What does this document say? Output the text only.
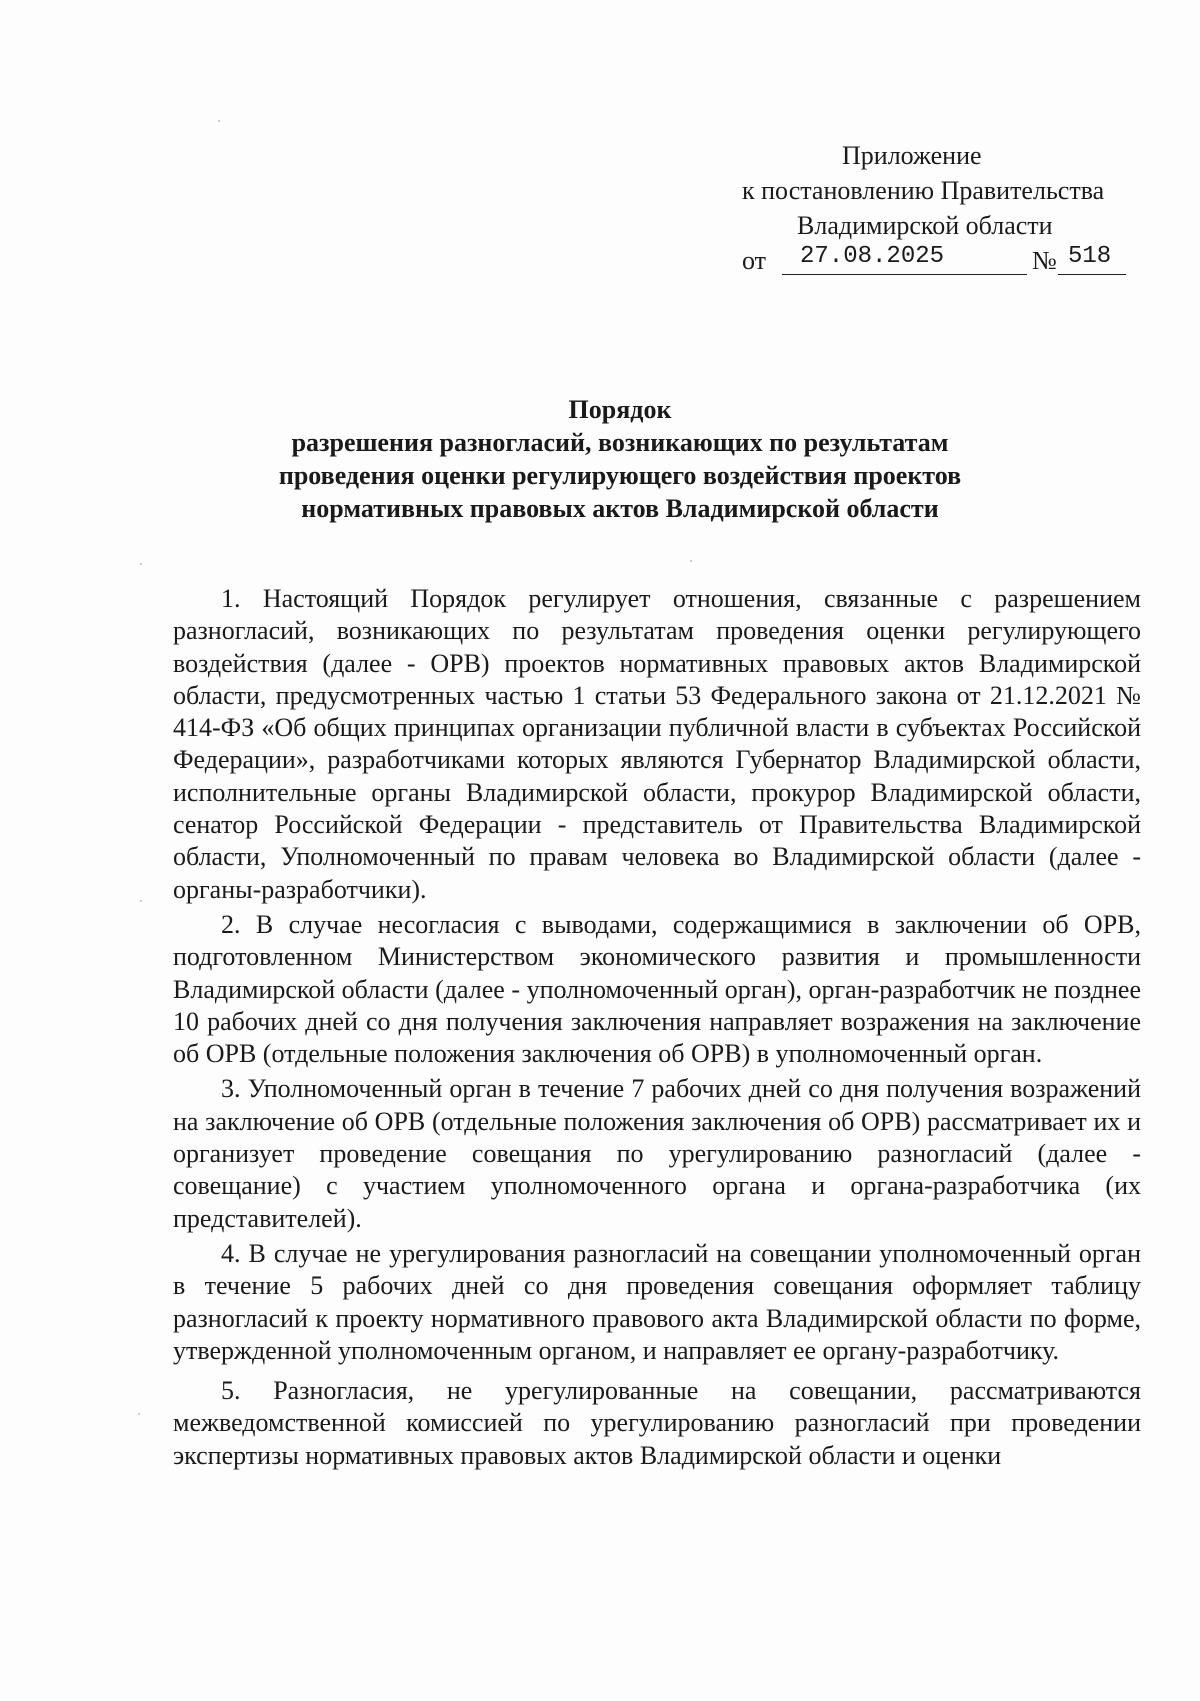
Приложение
к постановлению Правительства
Владимирской области
от	27.08.2025	№ 518
Порядок
разрешения разногласий, возникающих по результатам
проведения оценки регулирующего воздействия проектов
нормативных правовых актов Владимирской области

1. Настоящий Порядок регулирует отношения, связанные с разрешением разногласий, возникающих по результатам проведения оценки регулирующего воздействия (далее - ОРВ) проектов нормативных правовых актов Владимирской области, предусмотренных частью 1 статьи 53 Федерального закона от 21.12.2021 № 414-ФЗ «Об общих принципах организации публичной власти в субъектах Российской Федерации», разработчиками которых являются Губернатор Владимирской области, исполнительные органы Владимирской области, прокурор Владимирской области, сенатор Российской Федерации - представитель от Правительства Владимирской области, Уполномоченный по правам человека во Владимирской области (далее - органы-разработчики).

2. В случае несогласия с выводами, содержащимися в заключении об ОРВ, подготовленном Министерством экономического развития и промышленности Владимирской области (далее - уполномоченный орган), орган-разработчик не позднее 10 рабочих дней со дня получения заключения направляет возражения на заключение об ОРВ (отдельные положения заключения об ОРВ) в уполномоченный орган.

3. Уполномоченный орган в течение 7 рабочих дней со дня получения возражений на заключение об ОРВ (отдельные положения заключения об ОРВ) рассматривает их и организует проведение совещания по урегулированию разногласий (далее - совещание) с участием уполномоченного органа и органа-разработчика (их представителей).

4. В случае не урегулирования разногласий на совещании уполномоченный орган в течение 5 рабочих дней со дня проведения совещания оформляет таблицу разногласий к проекту нормативного правового акта Владимирской области по форме, утвержденной уполномоченным органом, и направляет ее органу-разработчику.

5. Разногласия, не урегулированные на совещании, рассматриваются межведомственной комиссией по урегулированию разногласий при проведении экспертизы нормативных правовых актов Владимирской области и оценки
